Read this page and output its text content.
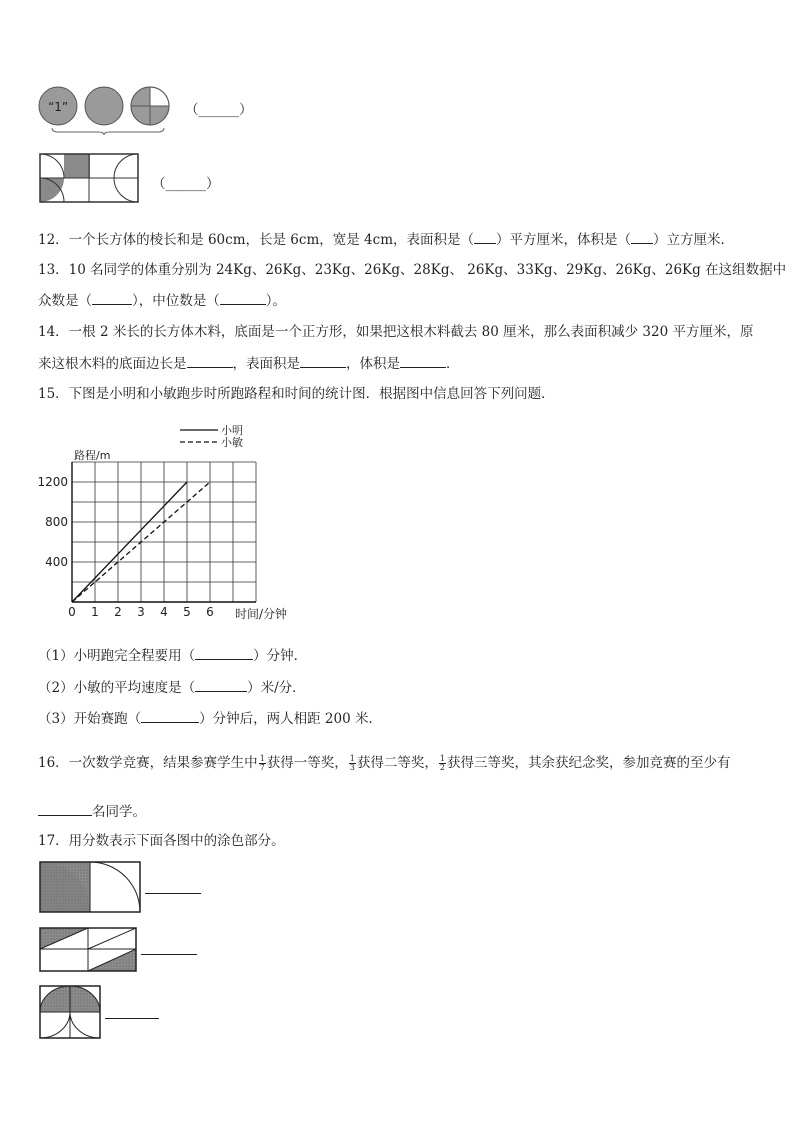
“1”	（______）
（______）
12．一个长方体的棱长和是 60cm，长是 6cm，宽是 4cm，表面积是（ ）平方厘米，体积是（ ）立方厘米．
13．10 名同学的体重分别为 24Kg、26Kg、23Kg、26Kg、28Kg、 26Kg、33Kg、29Kg、26Kg、26Kg 在这组数据中
众数是（	），中位数是（	）。
14．一根 2 米长的长方体木料，底面是一个正方形，如果把这根木料截去 80 厘米，那么表面积减少 320 平方厘米，原
来这根木料的底面边长是	，表面积是	，体积是	．
15．下图是小明和小敏跑步时所跑路程和时间的统计图．根据图中信息回答下列问题．
0 1 2 3 4 5 6
400
800
1200
路程/m
时间/分钟
小明
小敏
（1）小明跑完全程要用（	）分钟．
（2）小敏的平均速度是（	）米/分．
（3）开始赛跑（	）分钟后，两人相距 200 米．
16．一次数学竞赛，结果参赛学生中 $\frac{1}{7}$ 获得一等奖， $\frac{1}{3}$ 获得二等奖， $\frac{1}{2}$ 获得三等奖，其余获纪念奖，参加竞赛的至少有
名同学。
17．用分数表示下面各图中的涂色部分。
